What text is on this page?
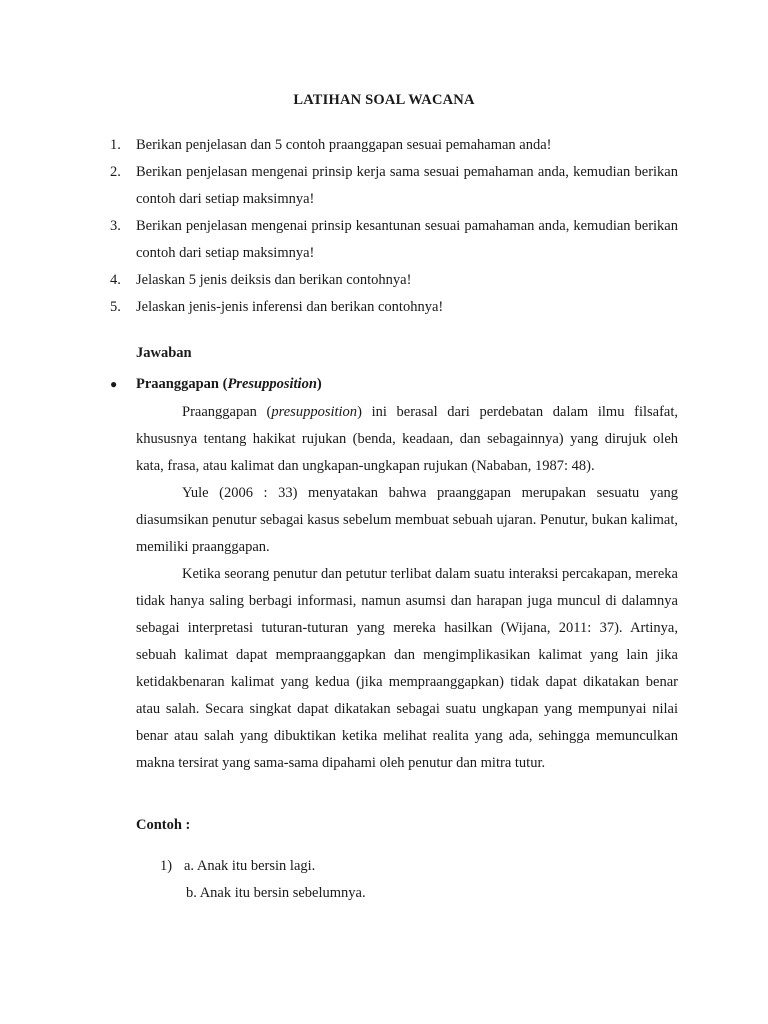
LATIHAN SOAL WACANA
1.	Berikan penjelasan dan 5 contoh praanggapan sesuai pemahaman anda!
2.	Berikan penjelasan mengenai prinsip kerja sama sesuai pemahaman anda, kemudian berikan contoh dari setiap maksimnya!
3.	Berikan penjelasan mengenai prinsip kesantunan sesuai pamahaman anda, kemudian berikan contoh dari setiap maksimnya!
4.	Jelaskan 5 jenis deiksis dan berikan contohnya!
5.	Jelaskan jenis-jenis inferensi dan berikan contohnya!
Jawaban
●	Praanggapan (Presupposition)

Praanggapan (presupposition) ini berasal dari perdebatan dalam ilmu filsafat, khususnya tentang hakikat rujukan (benda, keadaan, dan sebagainnya) yang dirujuk oleh kata, frasa, atau kalimat dan ungkapan-ungkapan rujukan (Nababan, 1987: 48).

Yule (2006 : 33) menyatakan bahwa praanggapan merupakan sesuatu yang diasumsikan penutur sebagai kasus sebelum membuat sebuah ujaran. Penutur, bukan kalimat, memiliki praanggapan.

Ketika seorang penutur dan petutur terlibat dalam suatu interaksi percakapan, mereka tidak hanya saling berbagi informasi, namun asumsi dan harapan juga muncul di dalamnya sebagai interpretasi tuturan-tuturan yang mereka hasilkan (Wijana, 2011: 37). Artinya, sebuah kalimat dapat mempraanggapkan dan mengimplikasikan kalimat yang lain jika ketidakbenaran kalimat yang kedua (jika mempraanggapkan) tidak dapat dikatakan benar atau salah. Secara singkat dapat dikatakan sebagai suatu ungkapan yang mempunyai nilai benar atau salah yang dibuktikan ketika melihat realita yang ada, sehingga memunculkan makna tersirat yang sama-sama dipahami oleh penutur dan mitra tutur.

Contoh :
1) a. Anak itu bersin lagi.
b. Anak itu bersin sebelumnya.
